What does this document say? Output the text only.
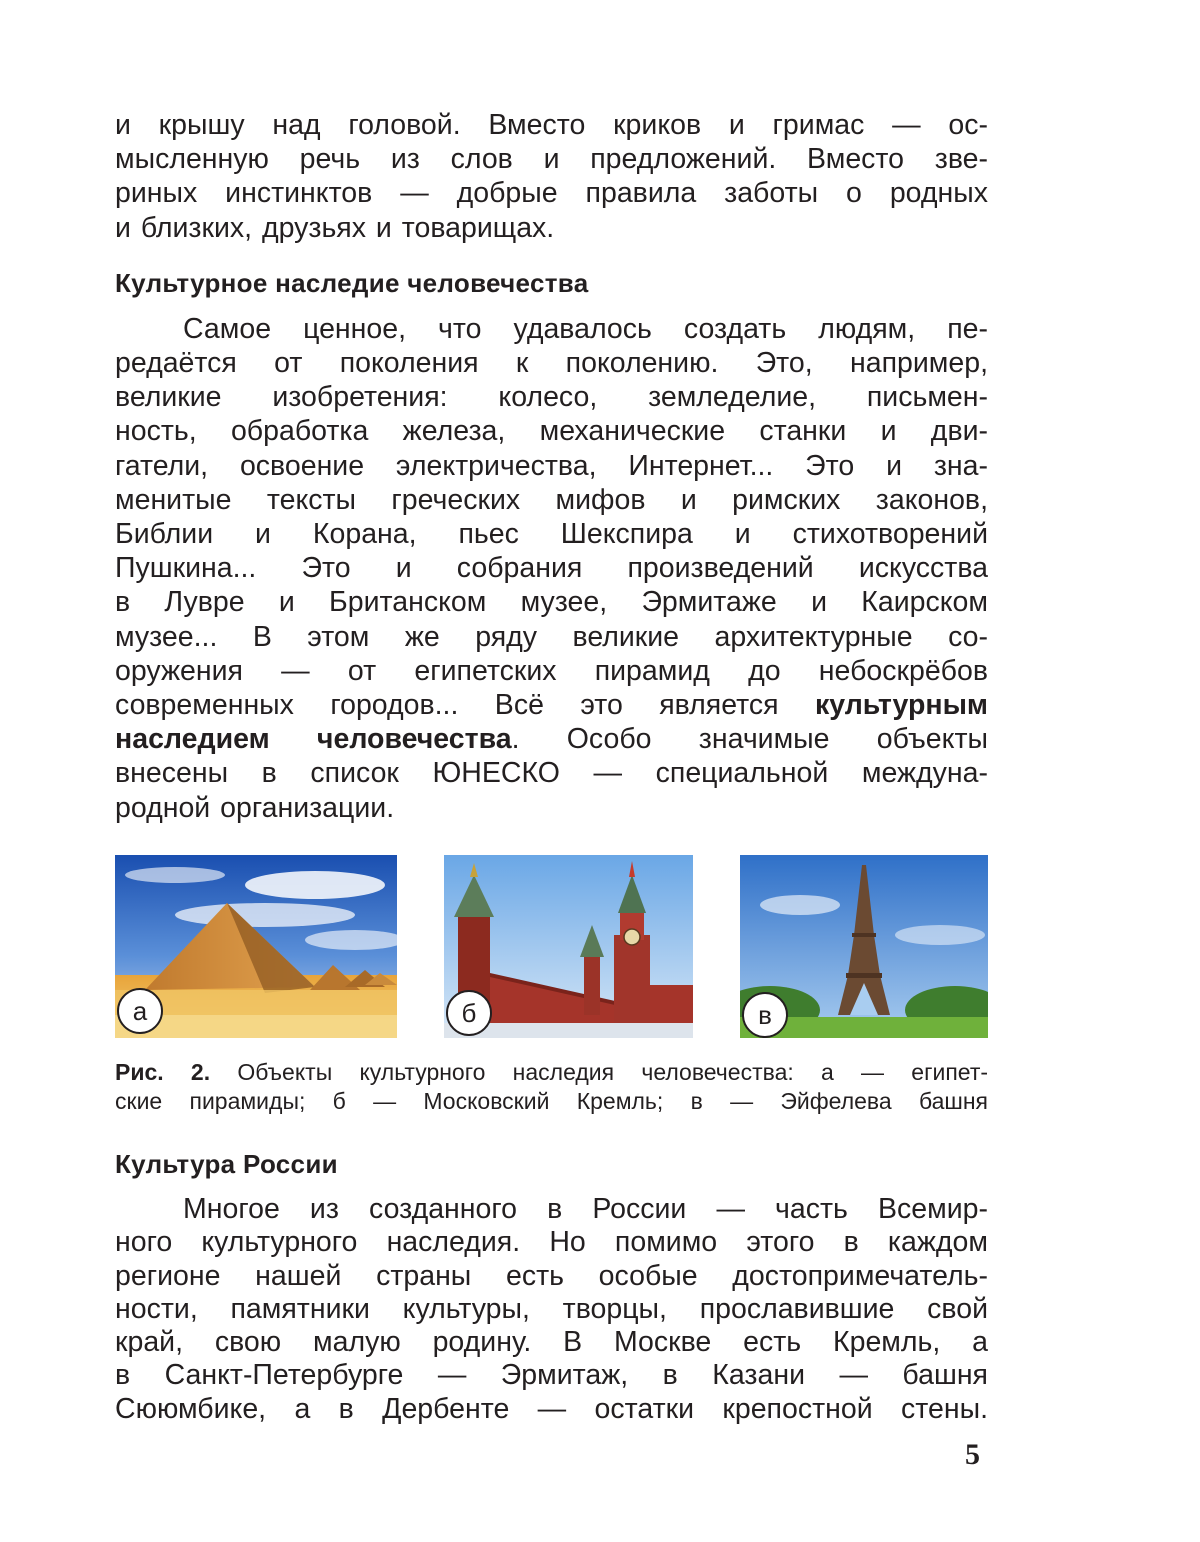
и крышу над головой. Вместо криков и гримас — ос-
мысленную речь из слов и предложений. Вместо зве-
риных инстинктов — добрые правила заботы о родных
и близких, друзьях и товарищах.

Культурное наследие человечества

Самое ценное, что удавалось создать людям, пе-
редаётся от поколения к поколению. Это, например,
великие изобретения: колесо, земледелие, письмен-
ность, обработка железа, механические станки и дви-
гатели, освоение электричества, Интернет... Это и зна-
менитые тексты греческих мифов и римских законов,
Библии и Корана, пьес Шекспира и стихотворений
Пушкина... Это и собрания произведений искусства
в Лувре и Британском музее, Эрмитаже и Каирском
музее... В этом же ряду великие архитектурные со-
оружения — от египетских пирамид до небоскрёбов
современных городов... Всё это является культурным
наследием человечества. Особо значимые объекты
внесены в список ЮНЕСКО — специальной междуна-
родной организации.

а	б	в
Рис. 2. Объекты культурного наследия человечества: а — египет-
ские пирамиды; б — Московский Кремль; в — Эйфелева башня
Культура России

Многое из созданного в России — часть Всемир-
ного культурного наследия. Но помимо этого в каждом
регионе нашей страны есть особые достопримечатель-
ности, памятники культуры, творцы, прославившие свой
край, свою малую родину. В Москве есть Кремль, а
в Санкт-Петербурге — Эрмитаж, в Казани — башня
Сююмбике, а в Дербенте — остатки крепостной стены.

5
